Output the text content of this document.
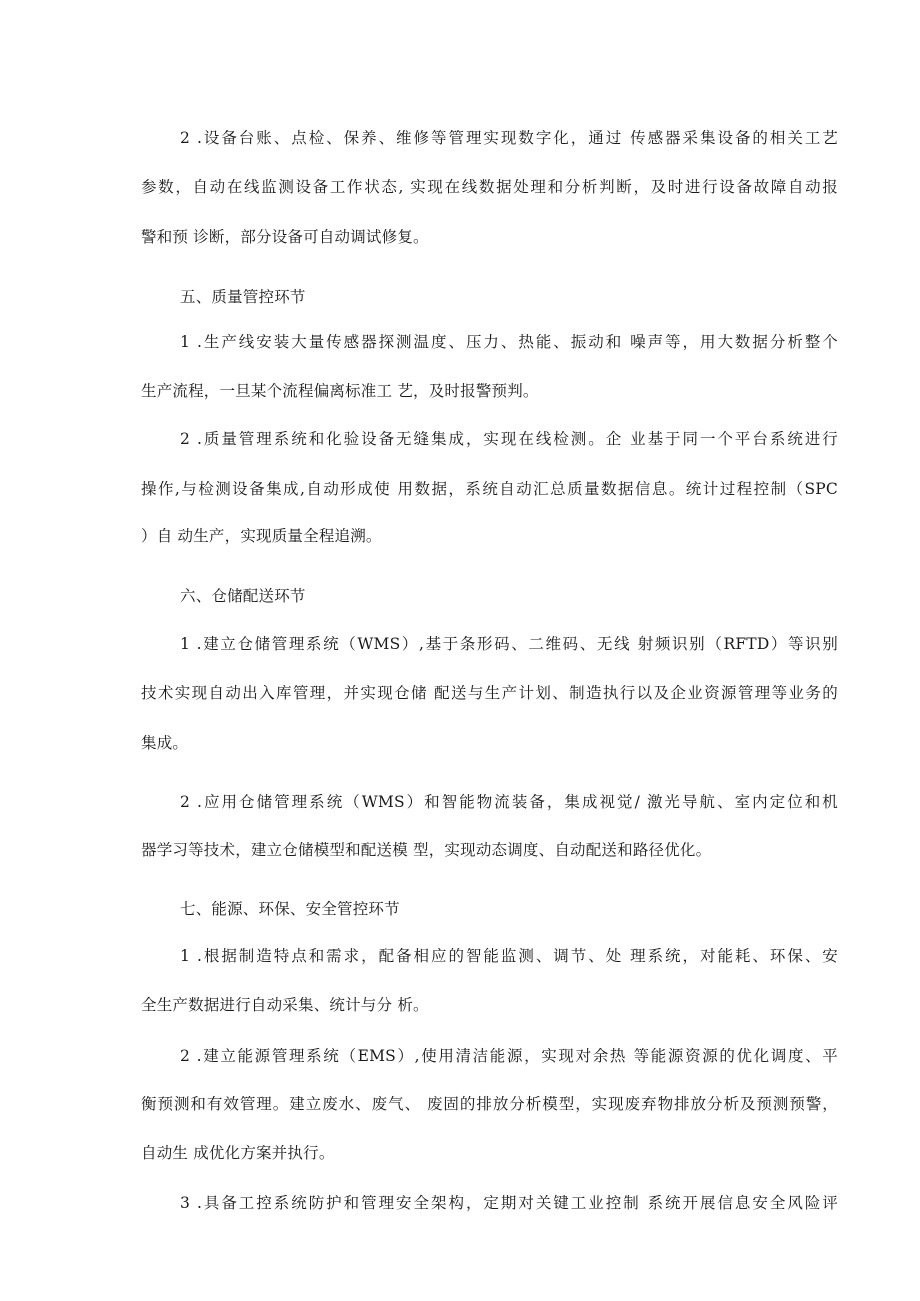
2 .设备台账、点检、保养、维修等管理实现数字化，通过 传感器采集设备的相关工艺
参数，自动在线监测设备工作状态, 实现在线数据处理和分析判断，及时进行设备故障自动报
警和预 诊断，部分设备可自动调试修复。
五、质量管控环节
1 .生产线安装大量传感器探测温度、压力、热能、振动和 噪声等，用大数据分析整个
生产流程，一旦某个流程偏离标准工 艺，及时报警预判。
2 .质量管理系统和化验设备无缝集成，实现在线检测。企 业基于同一个平台系统进行
操作,与检测设备集成,自动形成使 用数据，系统自动汇总质量数据信息。统计过程控制（SPC
）自 动生产，实现质量全程追溯。
六、仓储配送环节
1 .建立仓储管理系统（WMS）,基于条形码、二维码、无线 射频识别（RFTD）等识别
技术实现自动出入库管理，并实现仓储 配送与生产计划、制造执行以及企业资源管理等业务的
集成。
2 .应用仓储管理系统（WMS）和智能物流装备，集成视觉/ 激光导航、室内定位和机
器学习等技术，建立仓储模型和配送模 型，实现动态调度、自动配送和路径优化。
七、能源、环保、安全管控环节
1 .根据制造特点和需求，配备相应的智能监测、调节、处 理系统，对能耗、环保、安
全生产数据进行自动采集、统计与分 析。
2 .建立能源管理系统（EMS）,使用清洁能源，实现对余热 等能源资源的优化调度、平
衡预测和有效管理。建立废水、废气、 废固的排放分析模型，实现废弃物排放分析及预测预警，
自动生 成优化方案并执行。
3 .具备工控系统防护和管理安全架构，定期对关键工业控制 系统开展信息安全风险评
